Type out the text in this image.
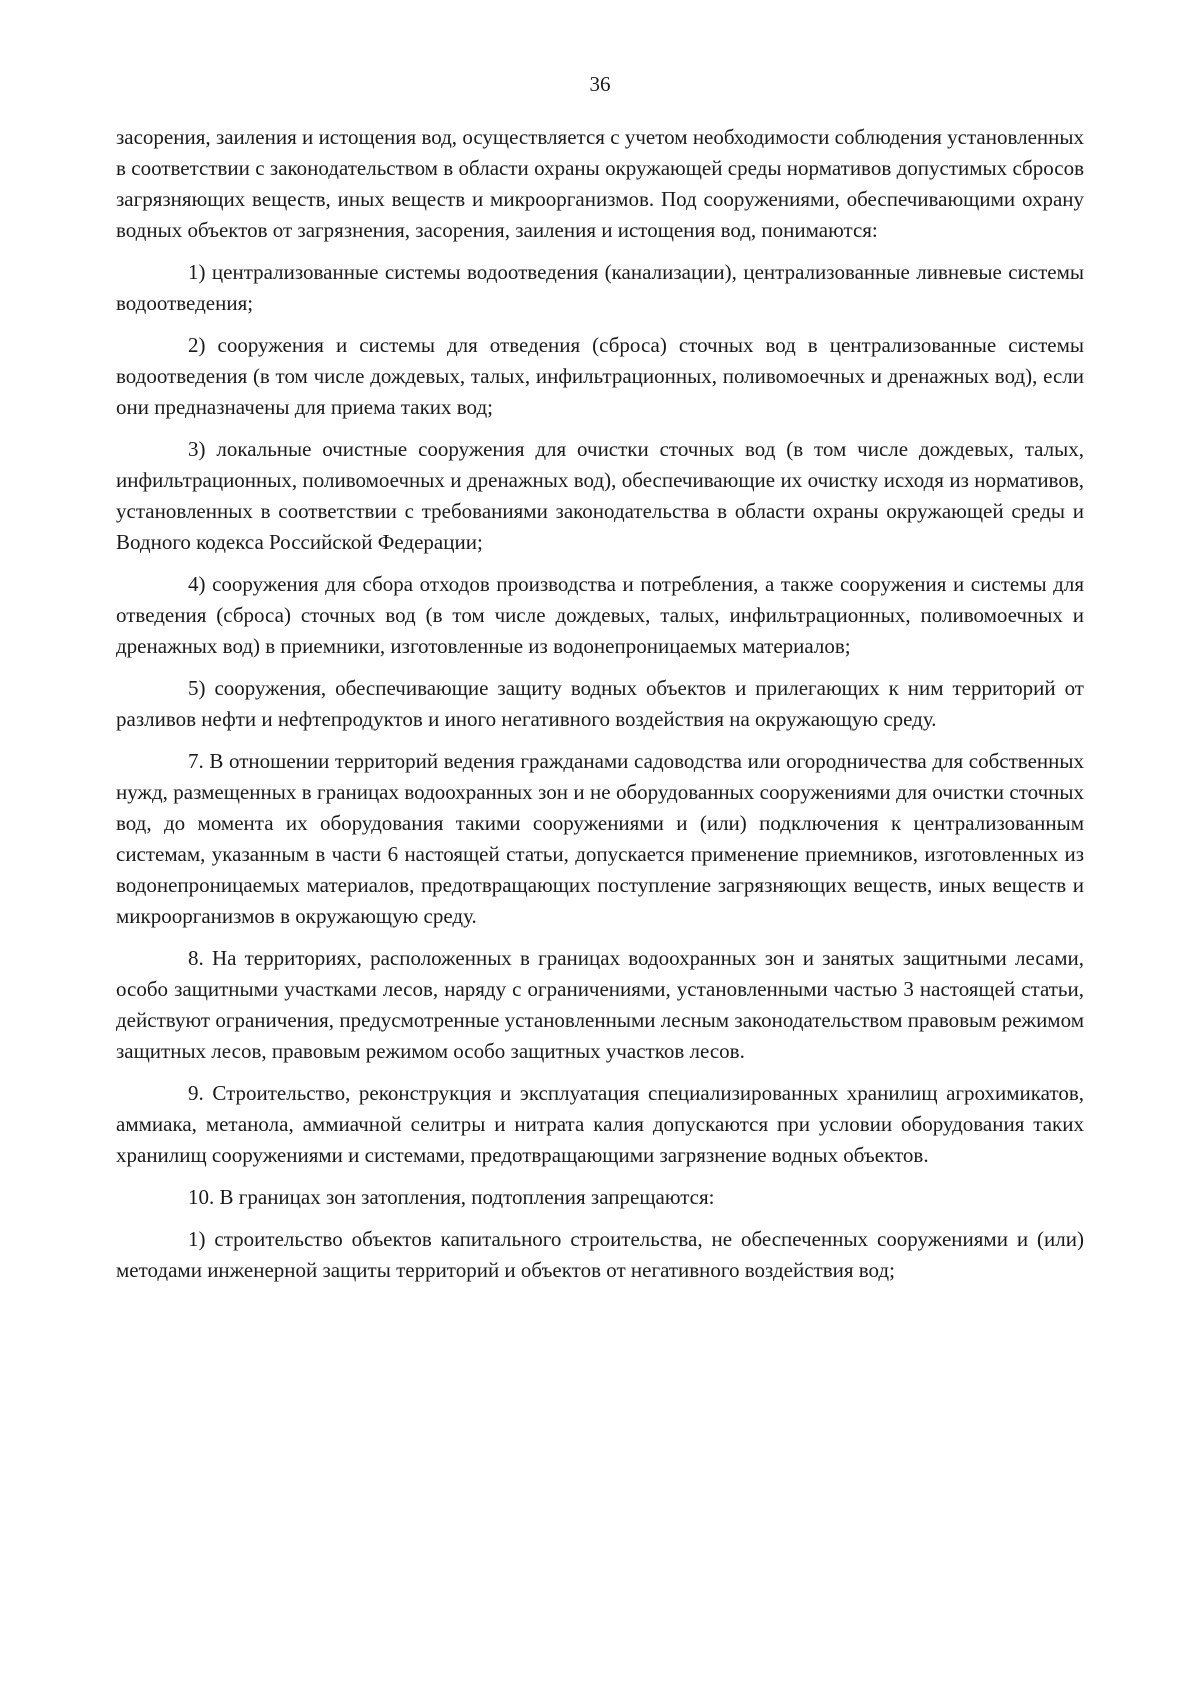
36

засорения, заиления и истощения вод, осуществляется с учетом необходимости соблюдения установленных в соответствии с законодательством в области охраны окружающей среды нормативов допустимых сбросов загрязняющих веществ, иных веществ и микроорганизмов. Под сооружениями, обеспечивающими охрану водных объектов от загрязнения, засорения, заиления и истощения вод, понимаются:

1) централизованные системы водоотведения (канализации), централизованные ливневые системы водоотведения;

2) сооружения и системы для отведения (сброса) сточных вод в централизованные системы водоотведения (в том числе дождевых, талых, инфильтрационных, поливомоечных и дренажных вод), если они предназначены для приема таких вод;

3) локальные очистные сооружения для очистки сточных вод (в том числе дождевых, талых, инфильтрационных, поливомоечных и дренажных вод), обеспечивающие их очистку исходя из нормативов, установленных в соответствии с требованиями законодательства в области охраны окружающей среды и Водного кодекса Российской Федерации;

4) сооружения для сбора отходов производства и потребления, а также сооружения и системы для отведения (сброса) сточных вод (в том числе дождевых, талых, инфильтрационных, поливомоечных и дренажных вод) в приемники, изготовленные из водонепроницаемых материалов;

5) сооружения, обеспечивающие защиту водных объектов и прилегающих к ним территорий от разливов нефти и нефтепродуктов и иного негативного воздействия на окружающую среду.

7. В отношении территорий ведения гражданами садоводства или огородничества для собственных нужд, размещенных в границах водоохранных зон и не оборудованных сооружениями для очистки сточных вод, до момента их оборудования такими сооружениями и (или) подключения к централизованным системам, указанным в части 6 настоящей статьи, допускается применение приемников, изготовленных из водонепроницаемых материалов, предотвращающих поступление загрязняющих веществ, иных веществ и микроорганизмов в окружающую среду.

8. На территориях, расположенных в границах водоохранных зон и занятых защитными лесами, особо защитными участками лесов, наряду с ограничениями, установленными частью 3 настоящей статьи, действуют ограничения, предусмотренные установленными лесным законодательством правовым режимом защитных лесов, правовым режимом особо защитных участков лесов.

9. Строительство, реконструкция и эксплуатация специализированных хранилищ агрохимикатов, аммиака, метанола, аммиачной селитры и нитрата калия допускаются при условии оборудования таких хранилищ сооружениями и системами, предотвращающими загрязнение водных объектов.

10. В границах зон затопления, подтопления запрещаются:

1) строительство объектов капитального строительства, не обеспеченных сооружениями и (или) методами инженерной защиты территорий и объектов от негативного воздействия вод;
